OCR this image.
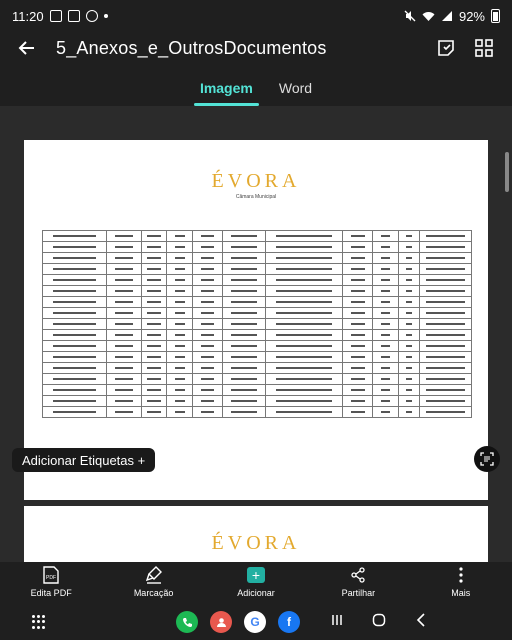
11:20	92%
5_Anexos_e_OutrosDocumentos
Imagem Word
ÉVORA
Câmara Municipal

ÉVORA
Adicionar Etiquetas +
PDF
Edita PDF	Marcação
+
Adicionar	Partilhar	Mais
G	f
